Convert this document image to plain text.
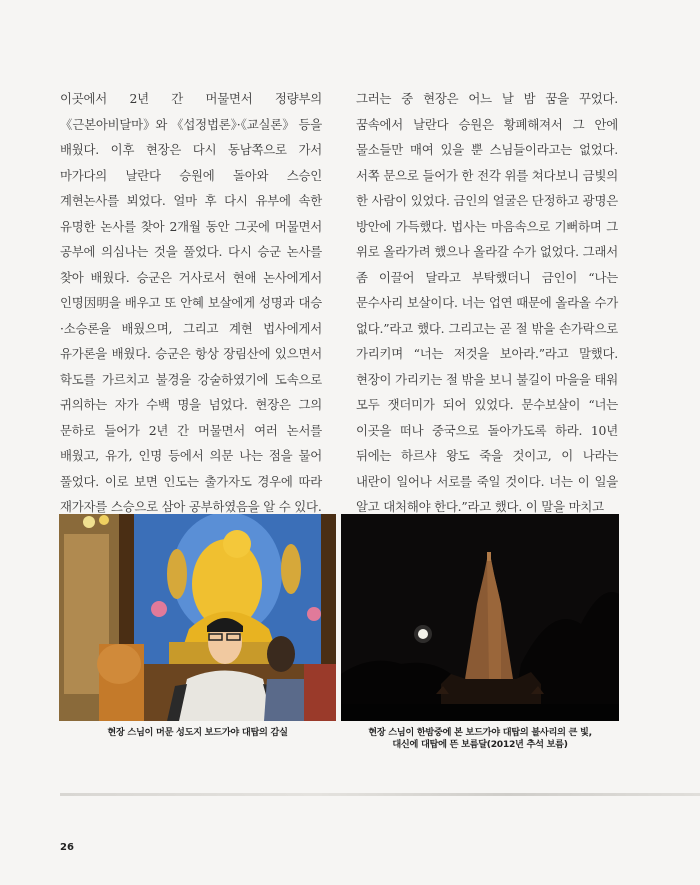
이곳에서 2년 간 머물면서 정량부의 《근본아비달마》와 《섭정법론》·《교실론》 등을 배웠다. 이후 현장은 다시 동남쪽으로 가서 마가다의 날란다 승원에 돌아와 스승인 계현논사를 뵈었다. 얼마 후 다시 유부에 속한 유명한 논사를 찾아 2개월 동안 그곳에 머물면서 공부에 의심나는 것을 풀었다. 다시 승군 논사를 찾아 배웠다. 승군은 거사로서 현애 논사에게서 인명因明을 배우고 또 안혜 보살에게 성명과 대승·소승론을 배웠으며, 그리고 계현 법사에게서 유가론을 배웠다. 승군은 항상 장림산에 있으면서 학도를 가르치고 불경을 강술하였기에 도속으로 귀의하는 자가 수백 명을 넘었다. 현장은 그의 문하로 들어가 2년 간 머물면서 여러 논서를 배웠고, 유가, 인명 등에서 의문 나는 점을 물어 풀었다. 이로 보면 인도는 출가자도 경우에 따라 재가자를 스승으로 삼아 공부하였음을 알 수 있다.

그러는 중 현장은 어느 날 밤 꿈을 꾸었다. 꿈속에서 날란다 승원은 황폐해져서 그 안에 물소들만 매여 있을 뿐 스님들이라고는 없었다. 서쪽 문으로 들어가 한 전각 위를 쳐다보니 금빛의 한 사람이 있었다. 금인의 얼굴은 단정하고 광명은 방안에 가득했다. 법사는 마음속으로 기뻐하며 그 위로 올라가려 했으나 올라갈 수가 없었다. 그래서 좀 이끌어 달라고 부탁했더니 금인이 “나는 문수사리 보살이다. 너는 업연 때문에 올라올 수가 없다.”라고 했다. 그리고는 곧 절 밖을 손가락으로 가리키며 “너는 저것을 보아라.”라고 말했다. 현장이 가리키는 절 밖을 보니 불길이 마을을 태워 모두 잿더미가 되어 있었다. 문수보살이 “너는 이곳을 떠나 중국으로 돌아가도록 하라. 10년 뒤에는 하르샤 왕도 죽을 것이고, 이 나라는 내란이 일어나 서로를 죽일 것이다. 너는 이 일을 알고 대처해야 한다.”라고 했다. 이 말을 마치고

현장 스님이 머문 성도지 보드가야 대탑의 감실	현장 스님이 한밤중에 본 보드가야 대탑의 불사리의 큰 빛,
대신에 대탑에 뜬 보름달(2012년 추석 보름)
26
